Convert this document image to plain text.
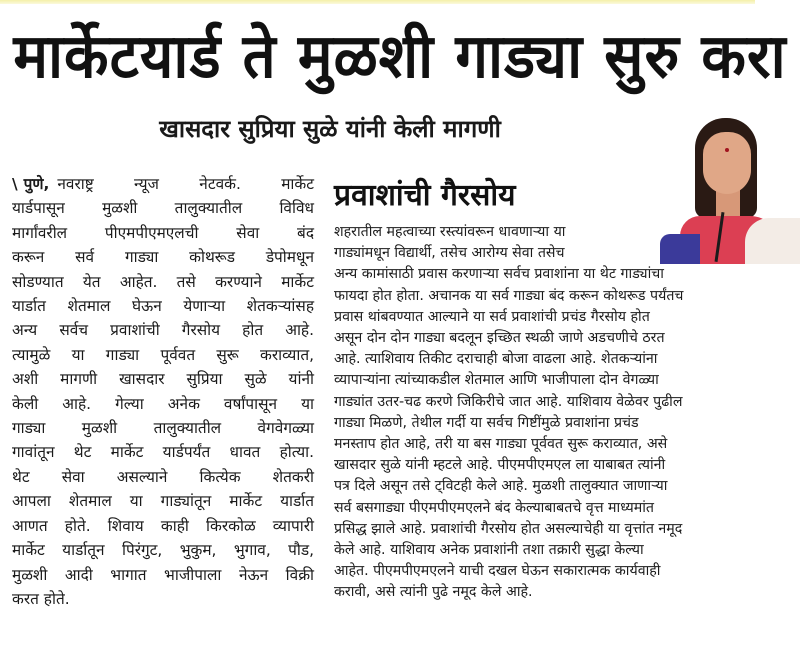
मार्केटयार्ड ते मुळशी गाड्या सुरु करा
खासदार सुप्रिया सुळे यांनी केली मागणी
\ पुणे, नवराष्ट्र न्यूज नेटवर्क. मार्केट
यार्डपासून मुळशी तालुक्यातील विविध
मार्गांवरील पीएमपीएमएलची सेवा बंद
करून सर्व गाड्या कोथरूड डेपोमधून
सोडण्यात येत आहेत. तसे करण्याने मार्केट
यार्डात शेतमाल घेऊन येणाऱ्या शेतकऱ्यांसह
अन्य सर्वच प्रवाशांची गैरसोय होत आहे.
त्यामुळे या गाड्या पूर्ववत सुरू कराव्यात,
अशी मागणी खासदार सुप्रिया सुळे यांनी
केली आहे. गेल्या अनेक वर्षांपासून या
गाड्या मुळशी तालुक्यातील वेगवेगळ्या
गावांतून थेट मार्केट यार्डपर्यंत धावत होत्या.
थेट सेवा असल्याने कित्येक शेतकरी
आपला शेतमाल या गाड्यांतून मार्केट यार्डात
आणत होते. शिवाय काही किरकोळ व्यापारी
मार्केट यार्डातून पिरंगुट, भुकुम, भुगाव, पौड,
मुळशी आदी भागात भाजीपाला नेऊन विक्री
करत होते.
प्रवाशांची गैरसोय
शहरातील महत्वाच्या रस्त्यांवरून धावणाऱ्या या
गाड्यांमधून विद्यार्थी, तसेच आरोग्य सेवा तसेच
अन्य कामांसाठी प्रवास करणाऱ्या सर्वच प्रवाशांना या थेट गाड्यांचा
फायदा होत होता. अचानक या सर्व गाड्या बंद करून कोथरूड पर्यंतच
प्रवास थांबवण्यात आल्याने या सर्व प्रवाशांची प्रचंड गैरसोय होत
असून दोन दोन गाड्या बदलून इच्छित स्थळी जाणे अडचणीचे ठरत
आहे. त्याशिवाय तिकीट दराचाही बोजा वाढला आहे. शेतकऱ्यांना
व्यापाऱ्यांना त्यांच्याकडील शेतमाल आणि भाजीपाला दोन वेगळ्या
गाड्यांत उतर-चढ करणे जिकिरीचे जात आहे. याशिवाय वेळेवर पुढील
गाड्या मिळणे, तेथील गर्दी या सर्वच गिष्टींमुळे प्रवाशांना प्रचंड
मनस्ताप होत आहे, तरी या बस गाड्या पूर्ववत सुरू कराव्यात, असे
खासदार सुळे यांनी म्हटले आहे. पीएमपीएमएल ला याबाबत त्यांनी
पत्र दिले असून तसे ट्विटही केले आहे. मुळशी तालुक्यात जाणाऱ्या
सर्व बसगाड्या पीएमपीएमएलने बंद केल्याबाबतचे वृत्त माध्यमांत
प्रसिद्ध झाले आहे. प्रवाशांची गैरसोय होत असल्याचेही या वृत्तांत नमूद
केले आहे. याशिवाय अनेक प्रवाशांनी तशा तक्रारी सुद्धा केल्या
आहेत. पीएमपीएमएलने याची दखल घेऊन सकारात्मक कार्यवाही
करावी, असे त्यांनी पुढे नमूद केले आहे.
